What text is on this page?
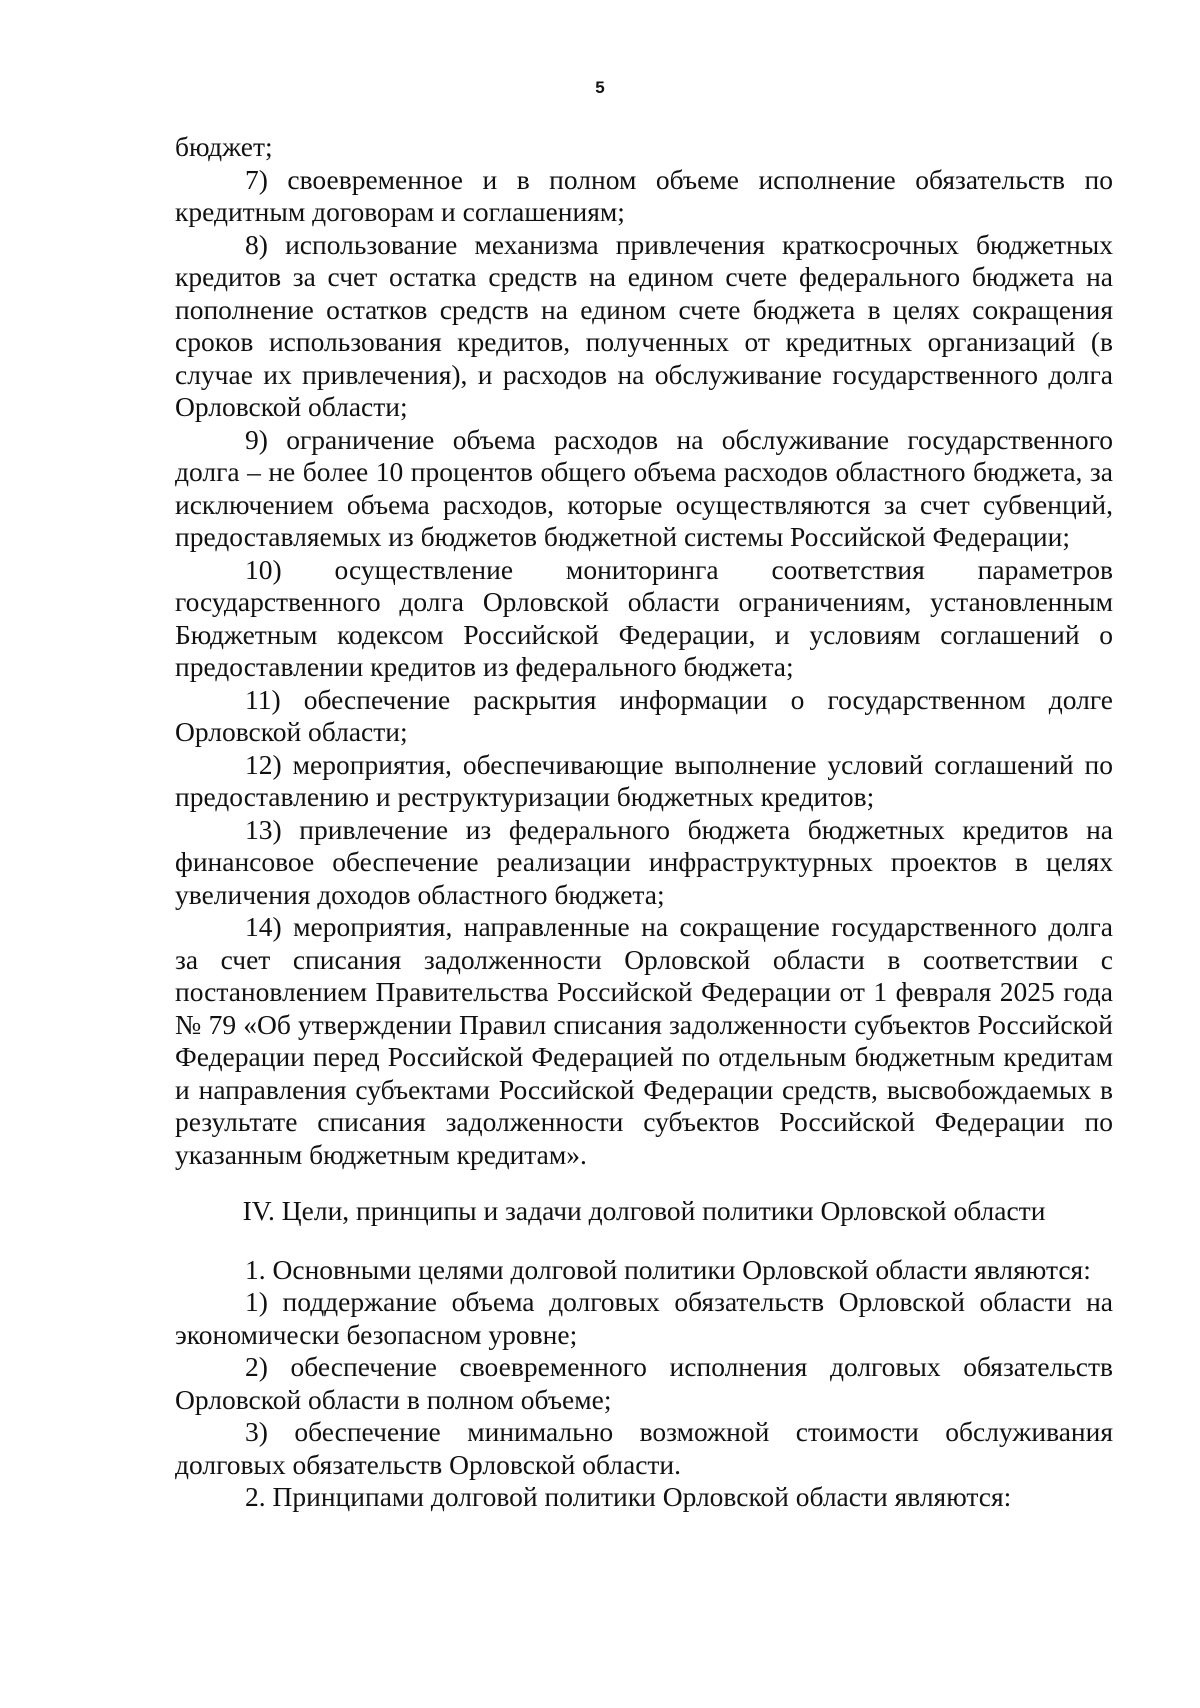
5

бюджет;

7) своевременное и в полном объеме исполнение обязательств по кредитным договорам и соглашениям;

8) использование механизма привлечения краткосрочных бюджетных кредитов за счет остатка средств на едином счете федерального бюджета на пополнение остатков средств на едином счете бюджета в целях сокращения сроков использования кредитов, полученных от кредитных организаций (в случае их привлечения), и расходов на обслуживание государственного долга Орловской области;

9) ограничение объема расходов на обслуживание государственного долга – не более 10 процентов общего объема расходов областного бюджета, за исключением объема расходов, которые осуществляются за счет субвенций, предоставляемых из бюджетов бюджетной системы Российской Федерации;

10) осуществление мониторинга соответствия параметров государственного долга Орловской области ограничениям, установленным Бюджетным кодексом Российской Федерации, и условиям соглашений о предоставлении кредитов из федерального бюджета;

11) обеспечение раскрытия информации о государственном долге Орловской области;

12) мероприятия, обеспечивающие выполнение условий соглашений по предоставлению и реструктуризации бюджетных кредитов;

13) привлечение из федерального бюджета бюджетных кредитов на финансовое обеспечение реализации инфраструктурных проектов в целях увеличения доходов областного бюджета;

14) мероприятия, направленные на сокращение государственного долга за счет списания задолженности Орловской области в соответствии с постановлением Правительства Российской Федерации от 1 февраля 2025 года № 79 «Об утверждении Правил списания задолженности субъектов Российской Федерации перед Российской Федерацией по отдельным бюджетным кредитам и направления субъектами Российской Федерации средств, высвобождаемых в результате списания задолженности субъектов Российской Федерации по указанным бюджетным кредитам».

IV. Цели, принципы и задачи долговой политики Орловской области

1. Основными целями долговой политики Орловской области являются:

1) поддержание объема долговых обязательств Орловской области на экономически безопасном уровне;

2) обеспечение своевременного исполнения долговых обязательств Орловской области в полном объеме;

3) обеспечение минимально возможной стоимости обслуживания долговых обязательств Орловской области.

2. Принципами долговой политики Орловской области являются:
